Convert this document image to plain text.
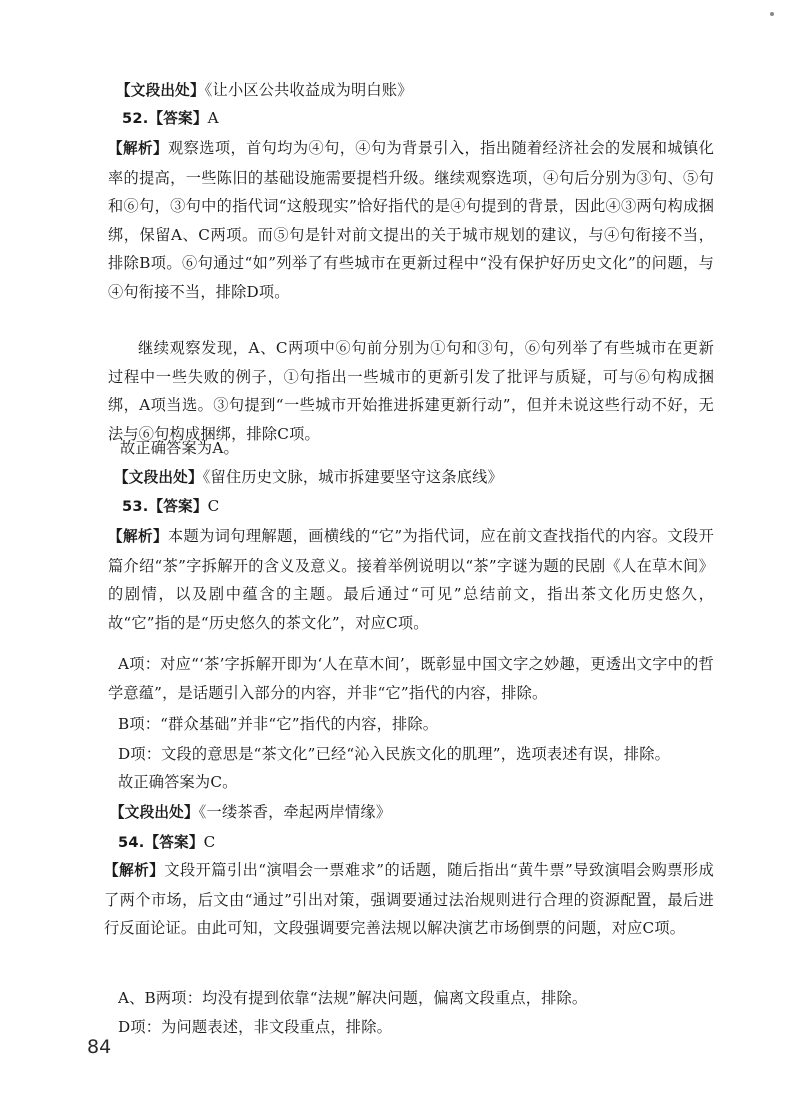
【文段出处】《让小区公共收益成为明白账》

52.【答案】A

【解析】观察选项，首句均为④句，④句为背景引入，指出随着经济社会的发展和城镇化率的提高，一些陈旧的基础设施需要提档升级。继续观察选项，④句后分别为③句、⑤句和⑥句，③句中的指代词“这般现实”恰好指代的是④句提到的背景，因此④③两句构成捆绑，保留A、C两项。而⑤句是针对前文提出的关于城市规划的建议，与④句衔接不当，排除B项。⑥句通过“如”列举了有些城市在更新过程中“没有保护好历史文化”的问题，与④句衔接不当，排除D项。

继续观察发现，A、C两项中⑥句前分别为①句和③句，⑥句列举了有些城市在更新过程中一些失败的例子，①句指出一些城市的更新引发了批评与质疑，可与⑥句构成捆绑，A项当选。③句提到“一些城市开始推进拆建更新行动”，但并未说这些行动不好，无法与⑥句构成捆绑，排除C项。

故正确答案为A。

【文段出处】《留住历史文脉，城市拆建要坚守这条底线》

53.【答案】C

【解析】本题为词句理解题，画横线的“它”为指代词，应在前文查找指代的内容。文段开篇介绍“茶”字拆解开的含义及意义。接着举例说明以“茶”字谜为题的民剧《人在草木间》的剧情，以及剧中蕴含的主题。最后通过“可见”总结前文，指出茶文化历史悠久，故“它”指的是“历史悠久的茶文化”，对应C项。

A项：对应“‘茶’字拆解开即为‘人在草木间’，既彰显中国文字之妙趣，更透出文字中的哲学意蕴”，是话题引入部分的内容，并非“它”指代的内容，排除。

B项：“群众基础”并非“它”指代的内容，排除。

D项：文段的意思是“茶文化”已经“沁入民族文化的肌理”，选项表述有误，排除。

故正确答案为C。

【文段出处】《一缕茶香，牵起两岸情缘》

54.【答案】C

【解析】文段开篇引出“演唱会一票难求”的话题，随后指出“黄牛票”导致演唱会购票形成了两个市场，后文由“通过”引出对策，强调要通过法治规则进行合理的资源配置，最后进行反面论证。由此可知，文段强调要完善法规以解决演艺市场倒票的问题，对应C项。

A、B两项：均没有提到依靠“法规”解决问题，偏离文段重点，排除。

D项：为问题表述，非文段重点，排除。

84
